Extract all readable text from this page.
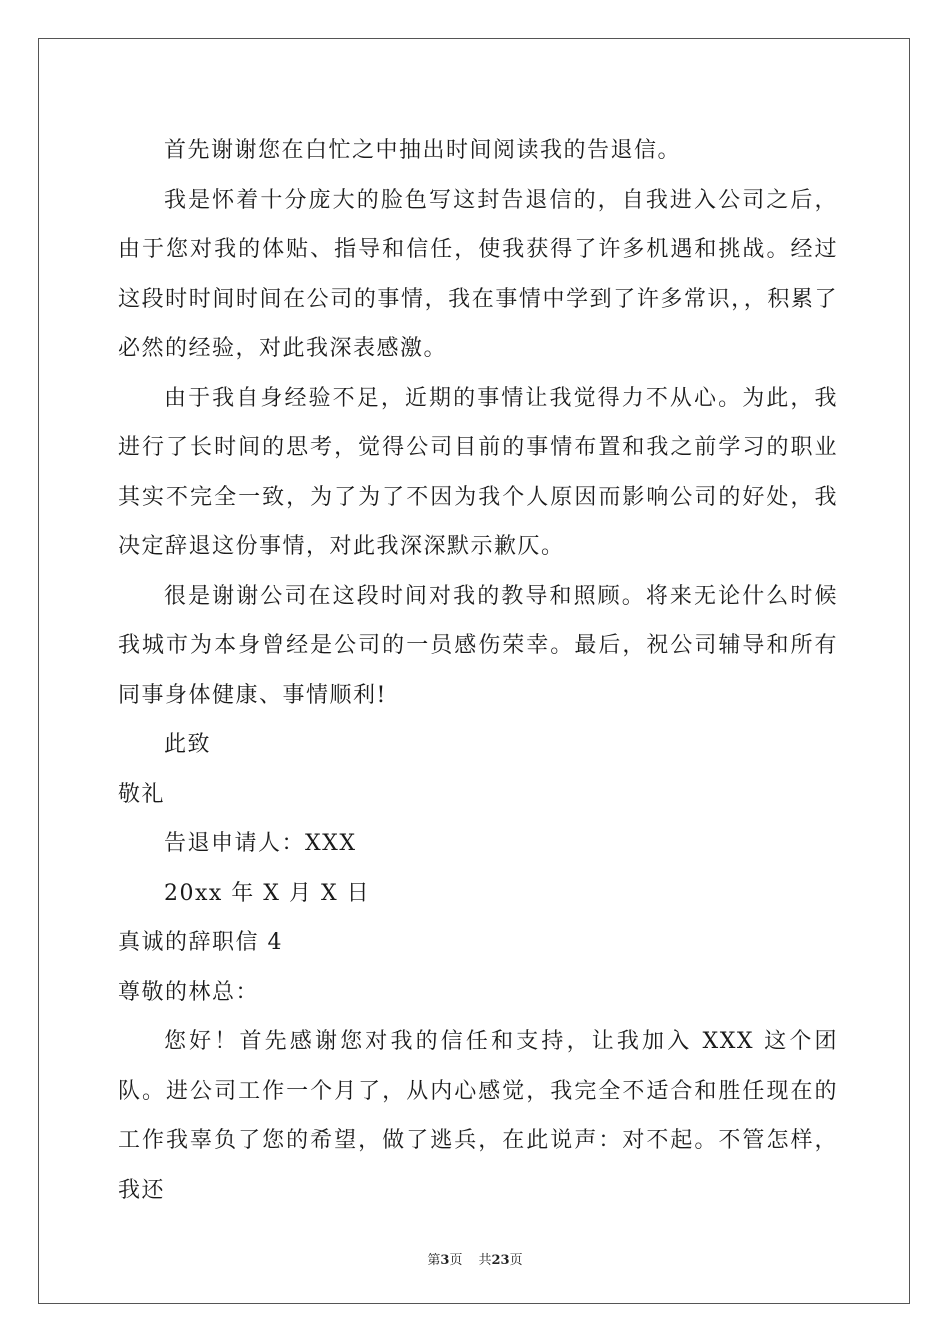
首先谢谢您在白忙之中抽出时间阅读我的告退信。

我是怀着十分庞大的脸色写这封告退信的，自我进入公司之后，由于您对我的体贴、指导和信任，使我获得了许多机遇和挑战。经过这段时时间时间在公司的事情，我在事情中学到了许多常识，，积累了必然的经验，对此我深表感激。

由于我自身经验不足，近期的事情让我觉得力不从心。为此，我进行了长时间的思考，觉得公司目前的事情布置和我之前学习的职业其实不完全一致，为了为了不因为我个人原因而影响公司的好处，我决定辞退这份事情，对此我深深默示歉仄。

很是谢谢公司在这段时间对我的教导和照顾。将来无论什么时候我城市为本身曾经是公司的一员感伤荣幸。最后，祝公司辅导和所有同事身体健康、事情顺利!

此致

敬礼

告退申请人：XXX

20xx 年 X 月 X 日

真诚的辞职信 4

尊敬的林总：

您好！首先感谢您对我的信任和支持，让我加入 XXX 这个团队。进公司工作一个月了，从内心感觉，我完全不适合和胜任现在的工作我辜负了您的希望，做了逃兵，在此说声：对不起。不管怎样，我还

第3页 共23页
